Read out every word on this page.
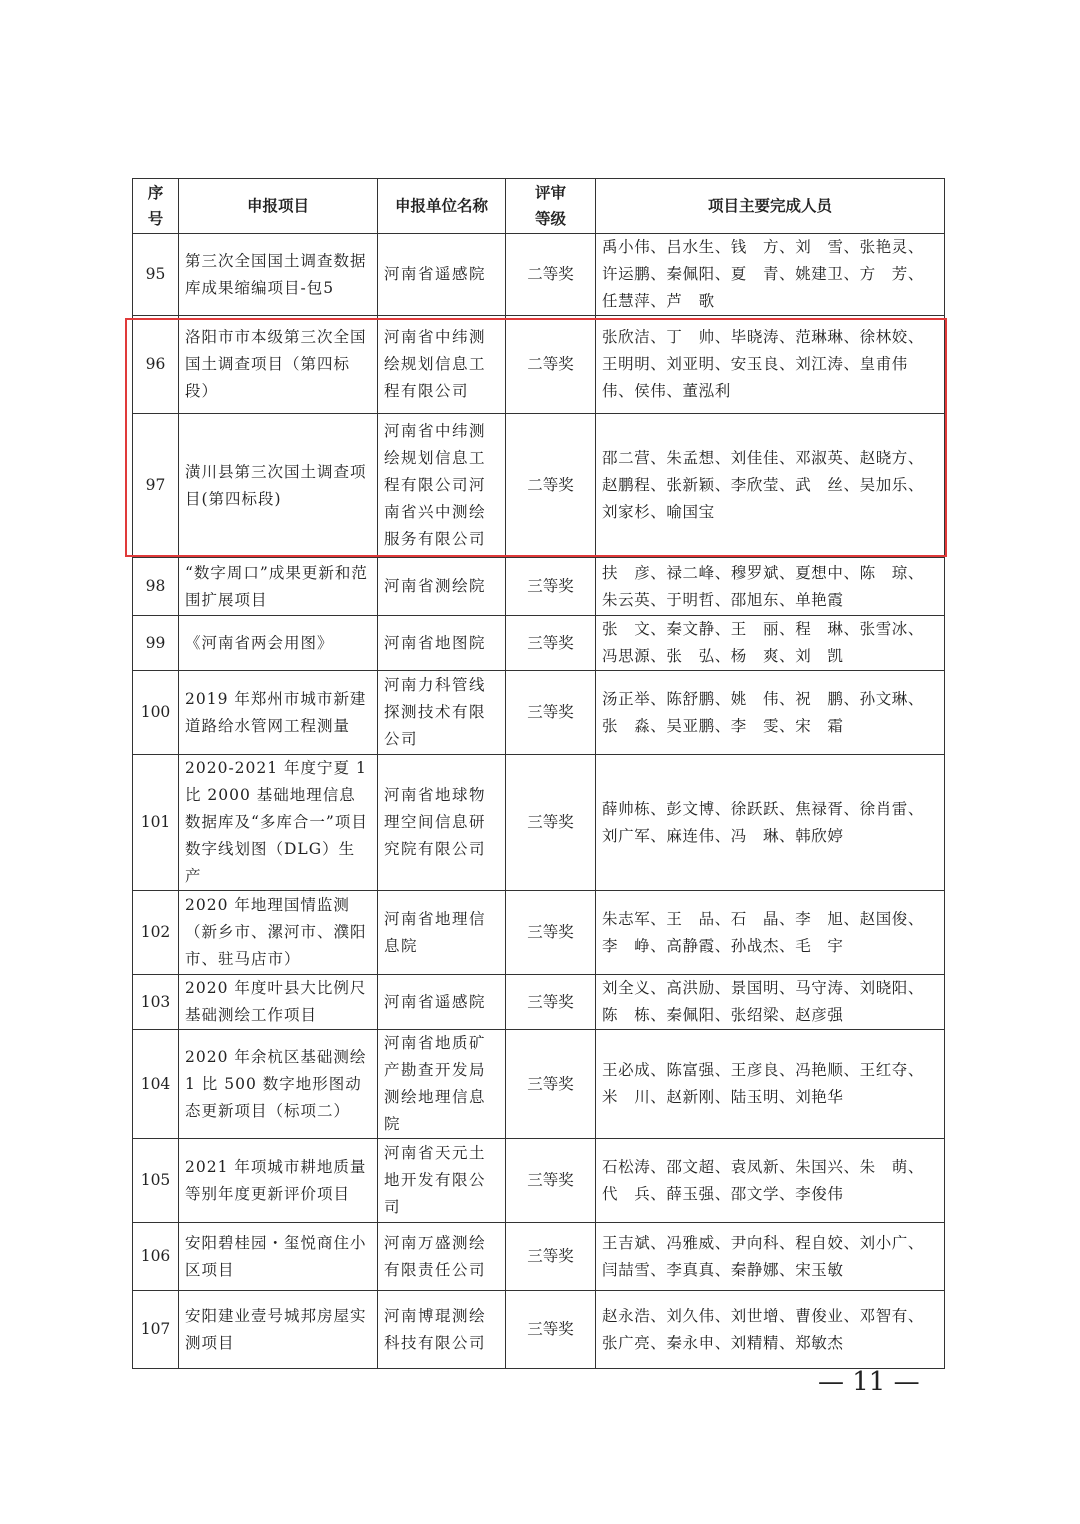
序号	申报项目	申报单位名称	评审等级	项目主要完成人员
95	第三次全国国土调查数据库成果缩编项目-包5	河南省遥感院	二等奖	禹小伟、吕水生、钱　方、刘　雪、张艳灵、许运鹏、秦佩阳、夏　青、姚建卫、方　芳、任慧萍、芦　歌
96	洛阳市市本级第三次全国国土调查项目（第四标段）	河南省中纬测绘规划信息工程有限公司	二等奖	张欣洁、丁　帅、毕晓涛、范琳琳、徐林姣、王明明、刘亚明、安玉良、刘江涛、皇甫伟伟、侯伟、董泓利
97	潢川县第三次国土调查项目(第四标段)	河南省中纬测绘规划信息工程有限公司河南省兴中测绘服务有限公司	二等奖	邵二营、朱孟想、刘佳佳、邓淑英、赵晓方、赵鹏程、张新颖、李欣莹、武　丝、吴加乐、刘家杉、喻国宝
98	“数字周口”成果更新和范围扩展项目	河南省测绘院	三等奖	扶　彦、禄二峰、穆罗斌、夏想中、陈　琼、朱云英、于明哲、邵旭东、单艳霞
99	《河南省两会用图》	河南省地图院	三等奖	张　文、秦文静、王　丽、程　琳、张雪冰、冯思源、张　弘、杨　爽、刘　凯
100	2019 年郑州市城市新建道路给水管网工程测量	河南力科管线探测技术有限公司	三等奖	汤正举、陈舒鹏、姚　伟、祝　鹏、孙文琳、张　淼、吴亚鹏、李　雯、宋　霜
101	2020-2021 年度宁夏 1 比 2000 基础地理信息数据库及“多库合一”项目数字线划图（DLG）生产	河南省地球物理空间信息研究院有限公司	三等奖	薛帅栋、彭文博、徐跃跃、焦禄胥、徐肖雷、刘广军、麻连伟、冯　琳、韩欣婷
102	2020 年地理国情监测（新乡市、漯河市、濮阳市、驻马店市）	河南省地理信息院	三等奖	朱志军、王　品、石　晶、李　旭、赵国俊、李　峥、高静霞、孙战杰、毛　宇
103	2020 年度叶县大比例尺基础测绘工作项目	河南省遥感院	三等奖	刘全义、高洪励、景国明、马守涛、刘晓阳、陈　栋、秦佩阳、张绍梁、赵彦强
104	2020 年余杭区基础测绘 1 比 500 数字地形图动态更新项目（标项二）	河南省地质矿产勘查开发局测绘地理信息院	三等奖	王必成、陈富强、王彦良、冯艳顺、王红夺、米　川、赵新刚、陆玉明、刘艳华
105	2021 年项城市耕地质量等别年度更新评价项目	河南省天元土地开发有限公司	三等奖	石松涛、邵文超、袁凤新、朱国兴、朱　萌、代　兵、薛玉强、邵文学、李俊伟
106	安阳碧桂园・玺悦商住小区项目	河南万盛测绘有限责任公司	三等奖	王吉斌、冯雅威、尹向科、程自姣、刘小广、闫喆雪、李真真、秦静娜、宋玉敏
107	安阳建业壹号城邦房屋实测项目	河南博琨测绘科技有限公司	三等奖	赵永浩、刘久伟、刘世增、曹俊业、邓智有、张广亮、秦永申、刘精精、郑敏杰
— 11 —
